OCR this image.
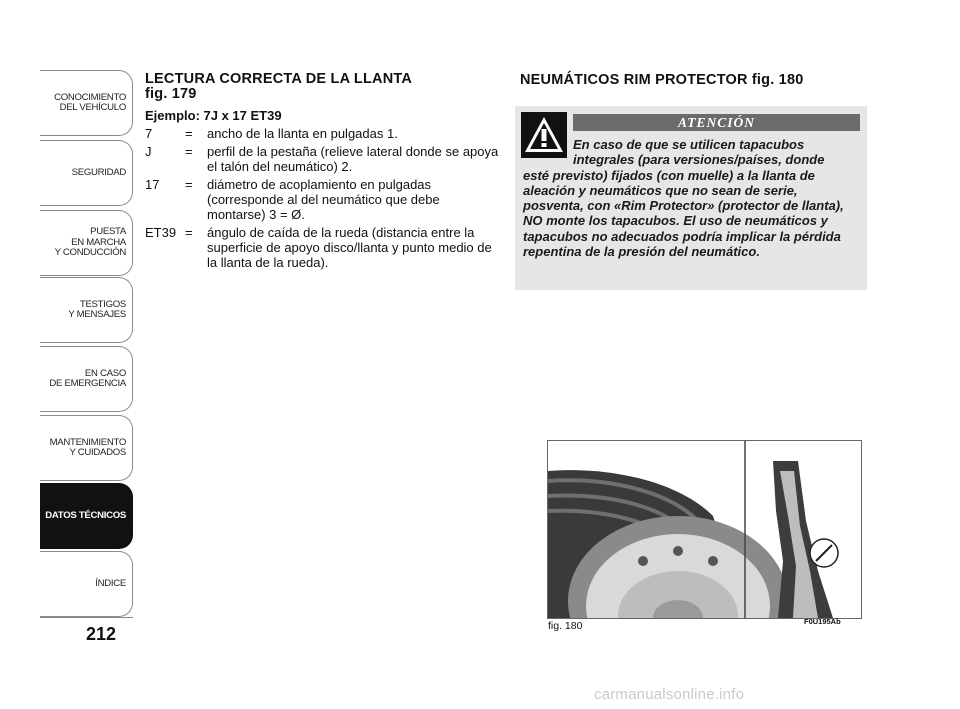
CONOCIMIENTO
DEL VEHÍCULO
SEGURIDAD
PUESTA
EN MARCHA
Y CONDUCCIÓN
TESTIGOS
Y MENSAJES
EN CASO
DE EMERGENCIA
MANTENIMIENTO
Y CUIDADOS
DATOS TÉCNICOS
ÍNDICE
212
LECTURA CORRECTA DE LA LLANTA
fig. 179
Ejemplo: 7J x 17 ET39
7	=	ancho de la llanta en pulgadas 1.
J	=	perfil de la pestaña (relieve lateral donde se apoya el talón del neumático) 2.
17	=	diámetro de acoplamiento en pulgadas (corresponde al del neumático que debe montarse) 3 = Ø.
ET39 =	ángulo de caída de la rueda (distancia entre la superficie de apoyo disco/llanta y punto medio de la llanta de la rueda).
NEUMÁTICOS RIM PROTECTOR fig. 180
ATENCIÓN
En caso de que se utilicen tapacubos integrales (para versiones/países, donde
esté previsto) fijados (con muelle) a la llanta de aleación y neumáticos que no sean de serie, posventa, con «Rim Protector» (protector de llanta), NO monte los tapacubos. El uso de neumáticos y tapacubos no adecuados podría implicar la pérdida repentina de la presión del neumático.
fig. 180	F0U195Ab
carmanualsonline.info
